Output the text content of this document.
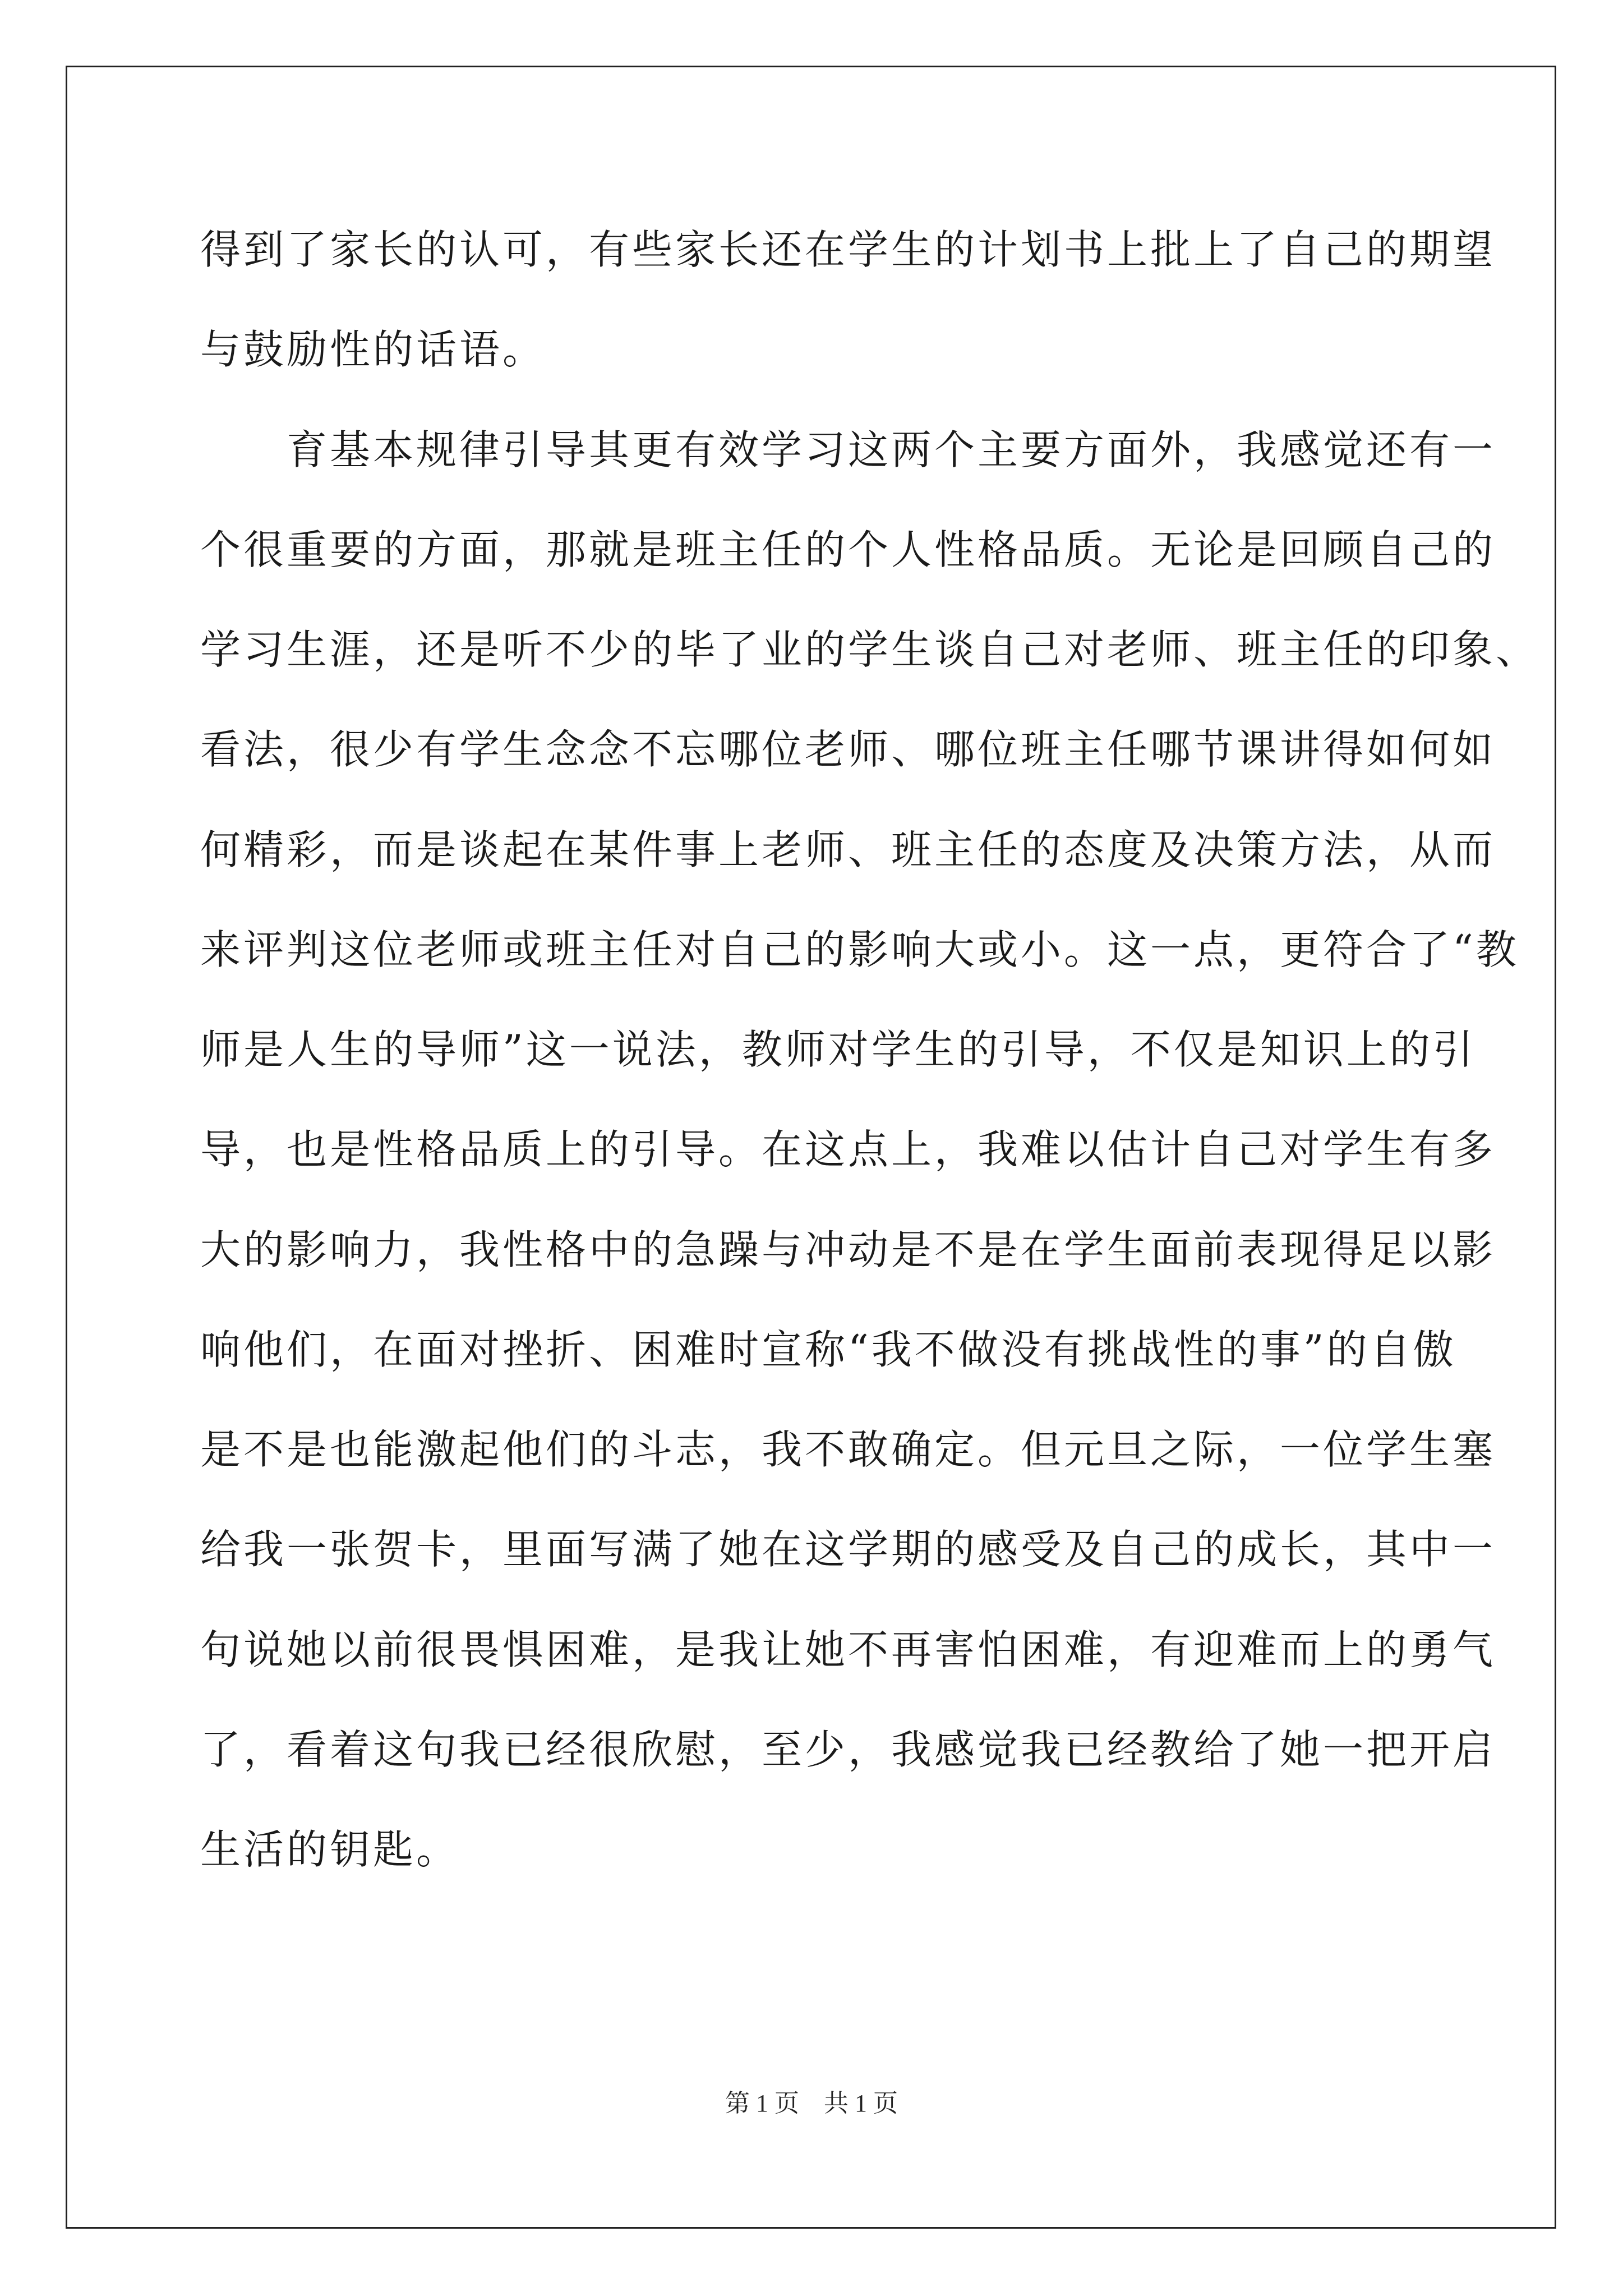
得到了家长的认可，有些家长还在学生的计划书上批上了自己的期望
与鼓励性的话语。
　　育基本规律引导其更有效学习这两个主要方面外，我感觉还有一
个很重要的方面，那就是班主任的个人性格品质。无论是回顾自己的
学习生涯，还是听不少的毕了业的学生谈自己对老师、班主任的印象、
看法，很少有学生念念不忘哪位老师、哪位班主任哪节课讲得如何如
何精彩，而是谈起在某件事上老师、班主任的态度及决策方法，从而
来评判这位老师或班主任对自己的影响大或小。这一点，更符合了“教
师是人生的导师”这一说法，教师对学生的引导，不仅是知识上的引
导，也是性格品质上的引导。在这点上，我难以估计自己对学生有多
大的影响力，我性格中的急躁与冲动是不是在学生面前表现得足以影
响他们，在面对挫折、困难时宣称“我不做没有挑战性的事”的自傲
是不是也能激起他们的斗志，我不敢确定。但元旦之际，一位学生塞
给我一张贺卡，里面写满了她在这学期的感受及自己的成长，其中一
句说她以前很畏惧困难，是我让她不再害怕困难，有迎难而上的勇气
了，看着这句我已经很欣慰，至少，我感觉我已经教给了她一把开启
生活的钥匙。
第 1 页　共 1 页
